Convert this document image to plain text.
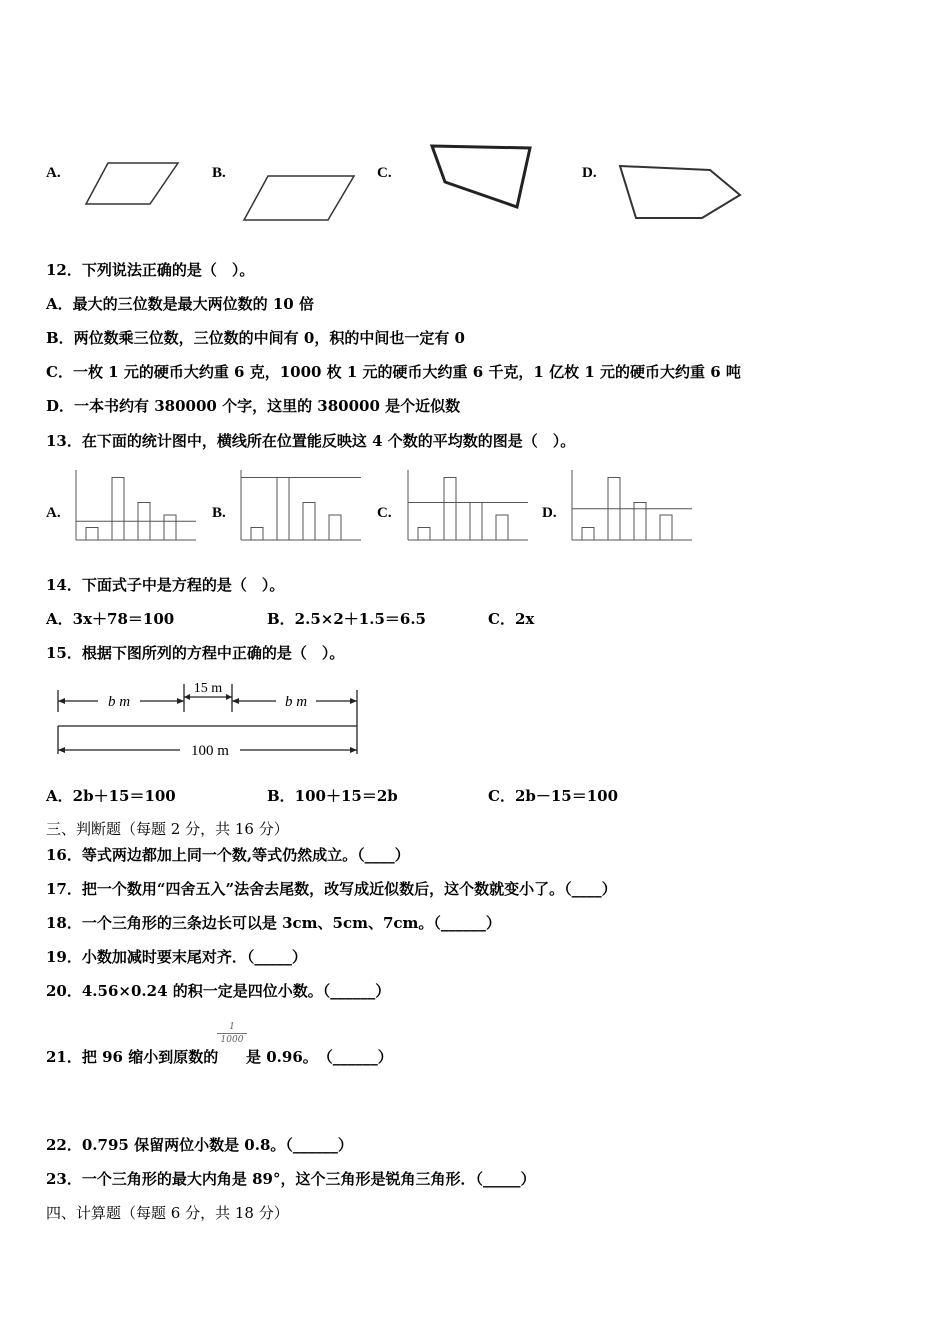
A.	B.	C.	D.
12．下列说法正确的是（　）。
A．最大的三位数是最大两位数的 10 倍
B．两位数乘三位数，三位数的中间有 0，积的中间也一定有 0
C．一枚 1 元的硬币大约重 6 克，1000 枚 1 元的硬币大约重 6 千克，1 亿枚 1 元的硬币大约重 6 吨
D．一本书约有 380000 个字，这里的 380000 是个近似数
13．在下面的统计图中，横线所在位置能反映这 4 个数的平均数的图是（　）。
A.	B.	C.	D.
14．下面式子中是方程的是（　）。
A．3x＋78＝100	B．2.5×2＋1.5＝6.5	C．2x
15．根据下图所列的方程中正确的是（　）。
b m
15 m
b m
100 m
A．2b＋15＝100	B．100＋15＝2b	C．2b－15＝100
三、判断题（每题 2 分，共 16 分）
16．等式两边都加上同一个数,等式仍然成立。（____）
17．把一个数用“四舍五入”法舍去尾数，改写成近似数后，这个数就变小了。（____）
18．一个三角形的三条边长可以是 3cm、5cm、7cm。（______）
19．小数加减时要末尾对齐．（_____）
20．4.56×0.24 的积一定是四位小数。（______）
21．把 96 缩小到原数的
$\frac{1}{1000}$
是 0.96。　（______）
22．0.795 保留两位小数是 0.8。（______）
23．一个三角形的最大内角是 89°，这个三角形是锐角三角形．（_____）
四、计算题（每题 6 分，共 18 分）
